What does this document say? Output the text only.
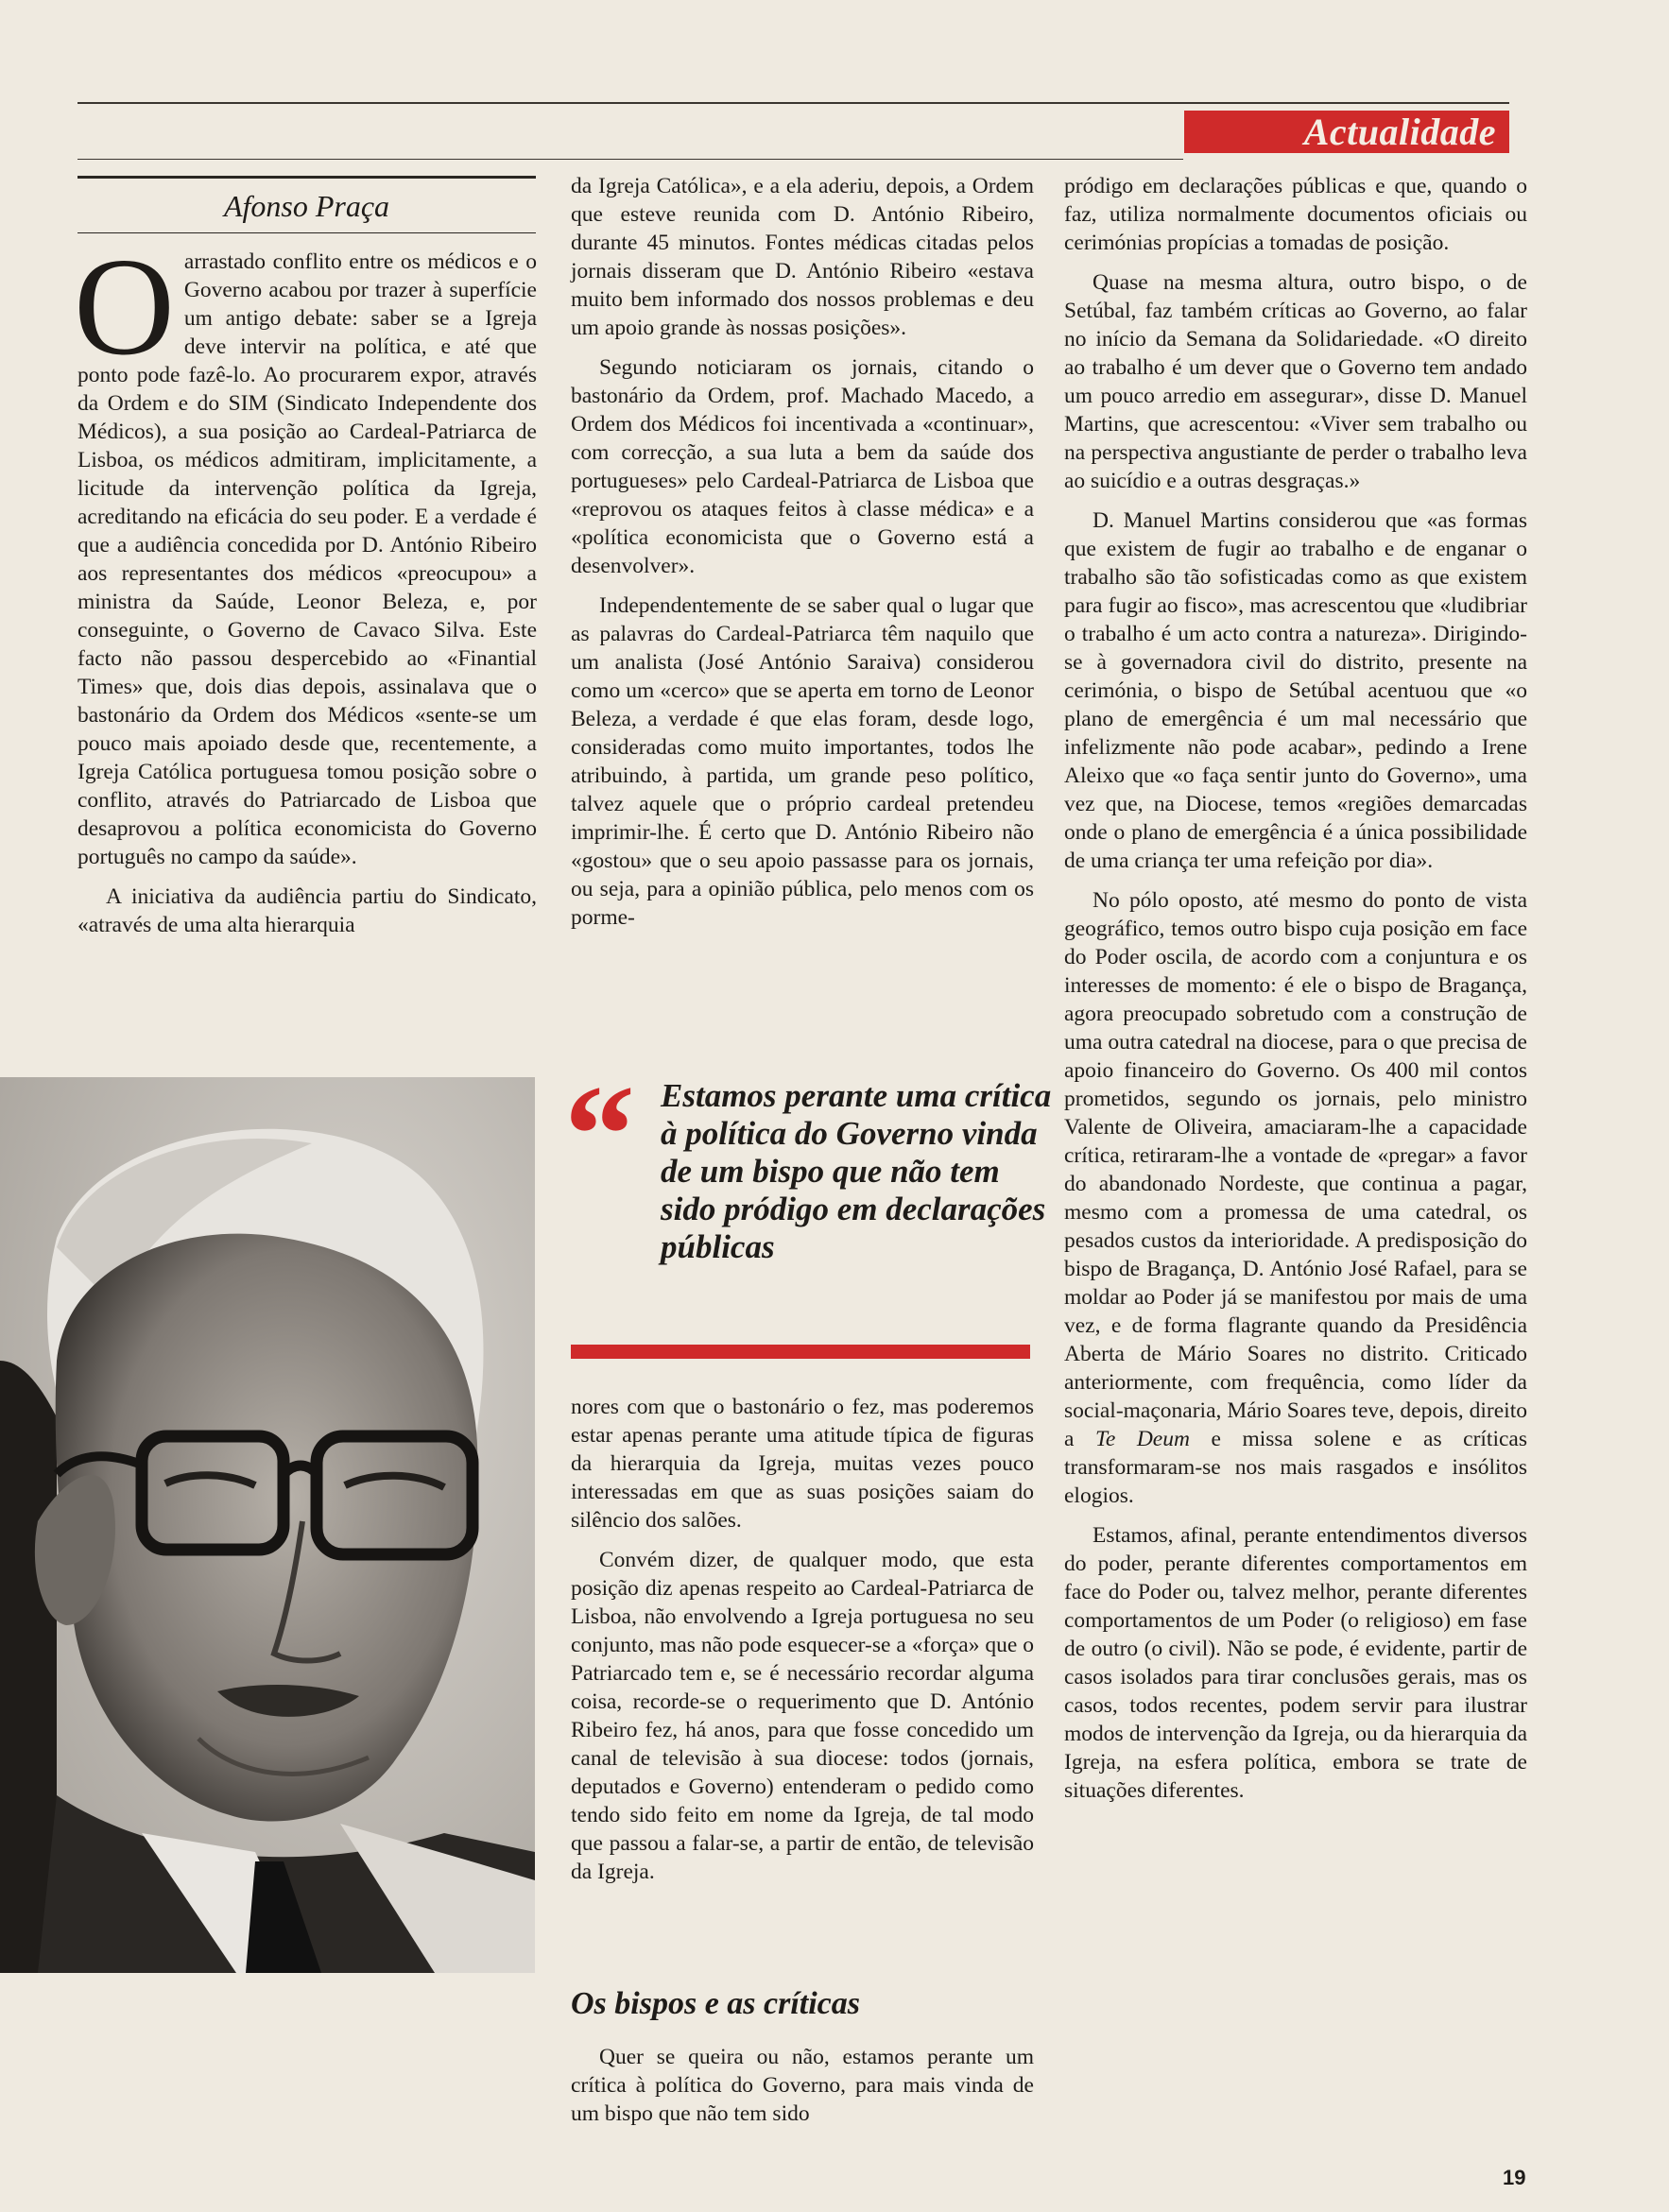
Actualidade
Afonso Praça

Oarrastado conflito entre os médicos e o Governo acabou por trazer à superfície um antigo debate: saber se a Igreja deve intervir na política, e até que ponto pode fazê-lo. Ao procurarem expor, através da Ordem e do SIM (Sindicato Independente dos Médicos), a sua posição ao Cardeal-Patriarca de Lisboa, os médicos admitiram, implicitamente, a licitude da intervenção política da Igreja, acreditando na eficácia do seu poder. E a verdade é que a audiência concedida por D. António Ribeiro aos representantes dos médicos «preocupou» a ministra da Saúde, Leonor Beleza, e, por conseguinte, o Governo de Cavaco Silva. Este facto não passou despercebido ao «Finantial Times» que, dois dias depois, assinalava que o bastonário da Ordem dos Médicos «sente-se um pouco mais apoiado desde que, recentemente, a Igreja Católica portuguesa tomou posição sobre o conflito, através do Patriarcado de Lisboa que desaprovou a política economicista do Governo português no campo da saúde».

A iniciativa da audiência partiu do Sindicato, «através de uma alta hierarquia

da Igreja Católica», e a ela aderiu, depois, a Ordem que esteve reunida com D. António Ribeiro, durante 45 minutos. Fontes médicas citadas pelos jornais disseram que D. António Ribeiro «estava muito bem informado dos nossos problemas e deu um apoio grande às nossas posições».

Segundo noticiaram os jornais, citando o bastonário da Ordem, prof. Machado Macedo, a Ordem dos Médicos foi incentivada a «continuar», com correcção, a sua luta a bem da saúde dos portugueses» pelo Cardeal-Patriarca de Lisboa que «reprovou os ataques feitos à classe médica» e a «política economicista que o Governo está a desenvolver».

Independentemente de se saber qual o lugar que as palavras do Cardeal-Patriarca têm naquilo que um analista (José António Saraiva) considerou como um «cerco» que se aperta em torno de Leonor Beleza, a verdade é que elas foram, desde logo, consideradas como muito importantes, todos lhe atribuindo, à partida, um grande peso político, talvez aquele que o próprio cardeal pretendeu imprimir-lhe. É certo que D. António Ribeiro não «gostou» que o seu apoio passasse para os jornais, ou seja, para a opinião pública, pelo menos com os porme-

“ Estamos perante uma crítica à política do Governo vinda de um bispo que não tem sido pródigo em declarações públicas

nores com que o bastonário o fez, mas poderemos estar apenas perante uma atitude típica de figuras da hierarquia da Igreja, muitas vezes pouco interessadas em que as suas posições saiam do silêncio dos salões.

Convém dizer, de qualquer modo, que esta posição diz apenas respeito ao Cardeal-Patriarca de Lisboa, não envolvendo a Igreja portuguesa no seu conjunto, mas não pode esquecer-se a «força» que o Patriarcado tem e, se é necessário recordar alguma coisa, recorde-se o requerimento que D. António Ribeiro fez, há anos, para que fosse concedido um canal de televisão à sua diocese: todos (jornais, deputados e Governo) entenderam o pedido como tendo sido feito em nome da Igreja, de tal modo que passou a falar-se, a partir de então, de televisão da Igreja.

Os bispos e as críticas

Quer se queira ou não, estamos perante um crítica à política do Governo, para mais vinda de um bispo que não tem sido

pródigo em declarações públicas e que, quando o faz, utiliza normalmente documentos oficiais ou cerimónias propícias a tomadas de posição.

Quase na mesma altura, outro bispo, o de Setúbal, faz também críticas ao Governo, ao falar no início da Semana da Solidariedade. «O direito ao trabalho é um dever que o Governo tem andado um pouco arredio em assegurar», disse D. Manuel Martins, que acrescentou: «Viver sem trabalho ou na perspectiva angustiante de perder o trabalho leva ao suicídio e a outras desgraças.»

D. Manuel Martins considerou que «as formas que existem de fugir ao trabalho e de enganar o trabalho são tão sofisticadas como as que existem para fugir ao fisco», mas acrescentou que «ludibriar o trabalho é um acto contra a natureza». Dirigindo-se à governadora civil do distrito, presente na cerimónia, o bispo de Setúbal acentuou que «o plano de emergência é um mal necessário que infelizmente não pode acabar», pedindo a Irene Aleixo que «o faça sentir junto do Governo», uma vez que, na Diocese, temos «regiões demarcadas onde o plano de emergência é a única possibilidade de uma criança ter uma refeição por dia».

No pólo oposto, até mesmo do ponto de vista geográfico, temos outro bispo cuja posição em face do Poder oscila, de acordo com a conjuntura e os interesses de momento: é ele o bispo de Bragança, agora preocupado sobretudo com a construção de uma outra catedral na diocese, para o que precisa de apoio financeiro do Governo. Os 400 mil contos prometidos, segundo os jornais, pelo ministro Valente de Oliveira, amaciaram-lhe a capacidade crítica, retiraram-lhe a vontade de «pregar» a favor do abandonado Nordeste, que continua a pagar, mesmo com a promessa de uma catedral, os pesados custos da interioridade. A predisposição do bispo de Bragança, D. António José Rafael, para se moldar ao Poder já se manifestou por mais de uma vez, e de forma flagrante quando da Presidência Aberta de Mário Soares no distrito. Criticado anteriormente, com frequência, como líder da social-maçonaria, Mário Soares teve, depois, direito a Te Deum e missa solene e as críticas transformaram-se nos mais rasgados e insólitos elogios.

Estamos, afinal, perante entendimentos diversos do poder, perante diferentes comportamentos em face do Poder ou, talvez melhor, perante diferentes comportamentos de um Poder (o religioso) em fase de outro (o civil). Não se pode, é evidente, partir de casos isolados para tirar conclusões gerais, mas os casos, todos recentes, podem servir para ilustrar modos de intervenção da Igreja, ou da hierarquia da Igreja, na esfera política, embora se trate de situações diferentes.

19
